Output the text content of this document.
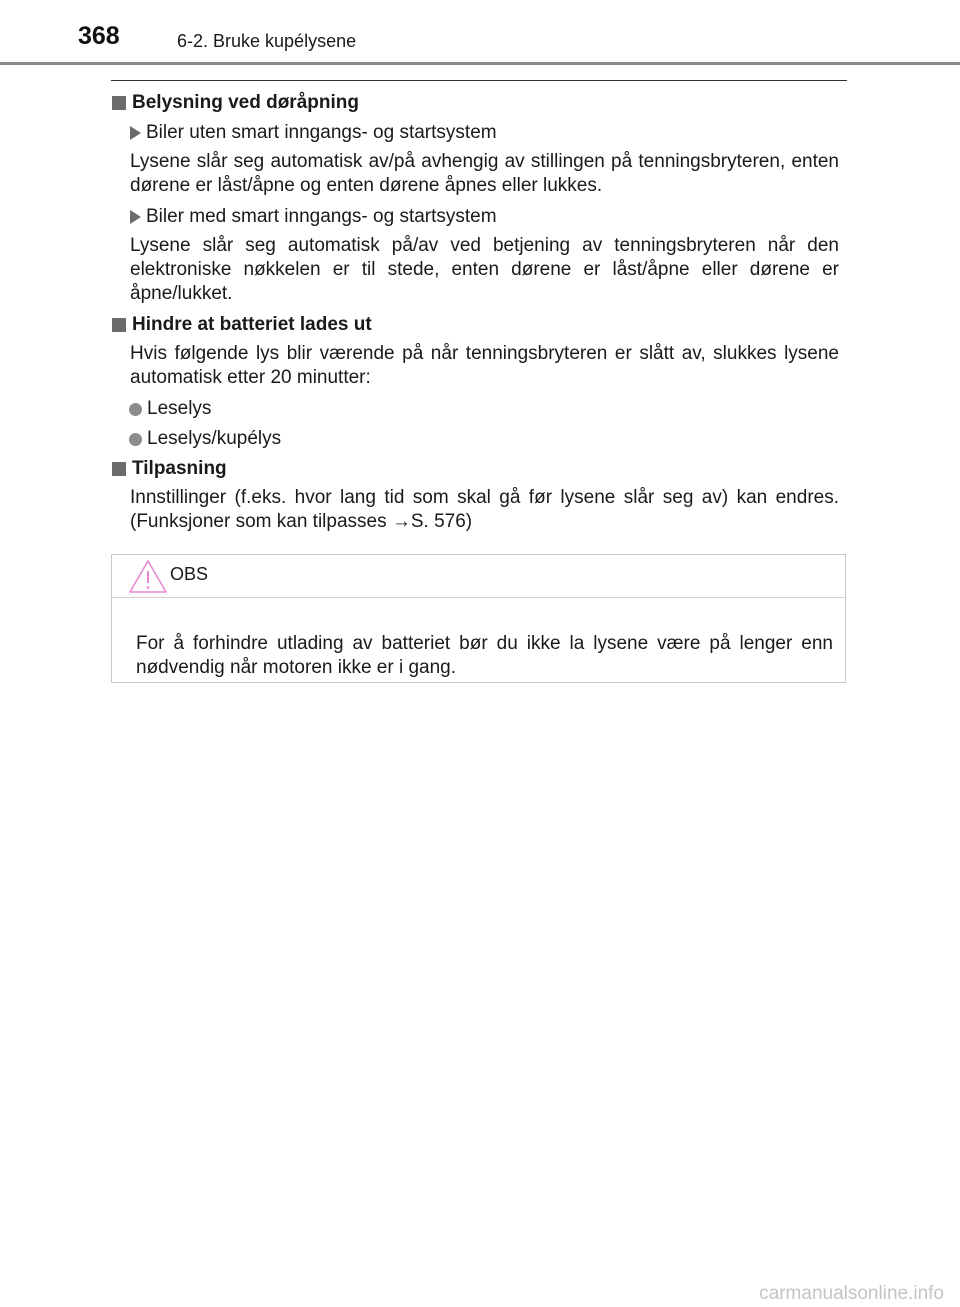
368	6-2. Bruke kupélysene
Belysning ved døråpning
Biler uten smart inngangs- og startsystem

Lysene slår seg automatisk av/på avhengig av stillingen på tenningsbryteren, enten dørene er låst/åpne og enten dørene åpnes eller lukkes.

Biler med smart inngangs- og startsystem

Lysene slår seg automatisk på/av ved betjening av tenningsbryteren når den elektroniske nøkkelen er til stede, enten dørene er låst/åpne eller dørene er åpne/lukket.

Hindre at batteriet lades ut

Hvis følgende lys blir værende på når tenningsbryteren er slått av, slukkes lysene automatisk etter 20 minutter:

Leselys
Leselys/kupélys
Tilpasning

Innstillinger (f.eks. hvor lang tid som skal gå før lysene slår seg av) kan endres. (Funksjoner som kan tilpasses →S. 576)

OBS

For å forhindre utlading av batteriet bør du ikke la lysene være på lenger enn nødvendig når motoren ikke er i gang.

carmanualsonline.info
